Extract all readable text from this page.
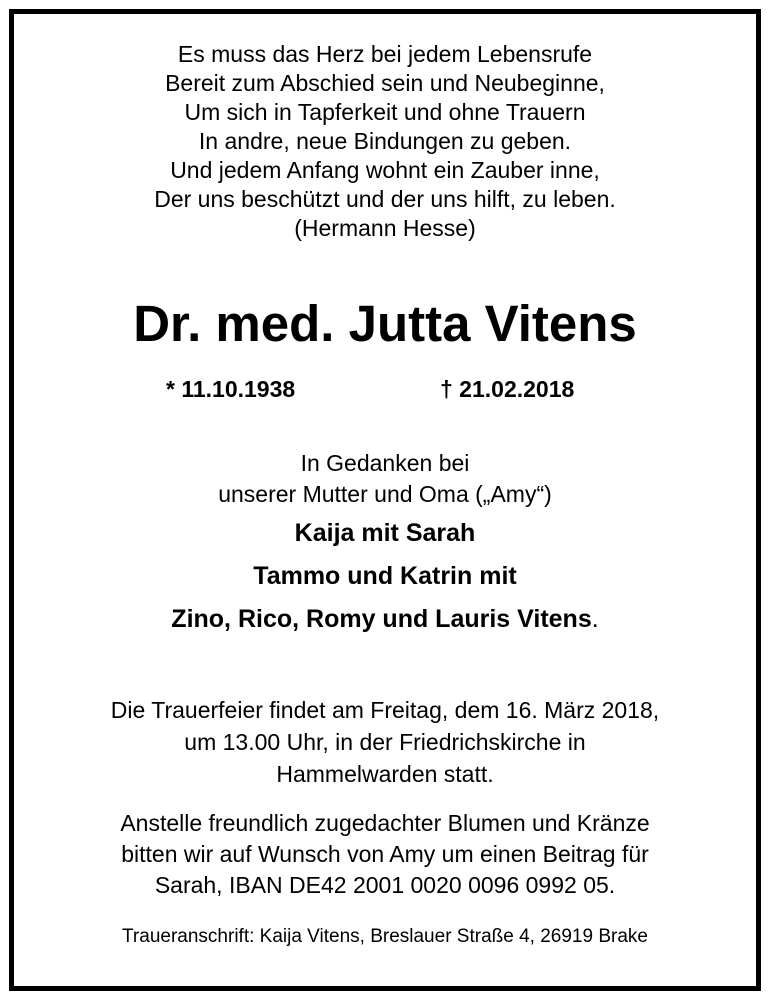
Es muss das Herz bei jedem Lebensrufe
Bereit zum Abschied sein und Neubeginne,
Um sich in Tapferkeit und ohne Trauern
In andre, neue Bindungen zu geben.
Und jedem Anfang wohnt ein Zauber inne,
Der uns beschützt und der uns hilft, zu leben.
(Hermann Hesse)
Dr. med. Jutta Vitens
* 11.10.1938	† 21.02.2018
In Gedanken bei
unserer Mutter und Oma („Amy“)
Kaija mit Sarah
Tammo und Katrin mit
Zino, Rico, Romy und Lauris Vitens.
Die Trauerfeier findet am Freitag, dem 16. März 2018,
um 13.00 Uhr, in der Friedrichskirche in
Hammelwarden statt.
Anstelle freundlich zugedachter Blumen und Kränze
bitten wir auf Wunsch von Amy um einen Beitrag für
Sarah, IBAN DE42 2001 0020 0096 0992 05.
Traueranschrift: Kaija Vitens, Breslauer Straße 4, 26919 Brake
